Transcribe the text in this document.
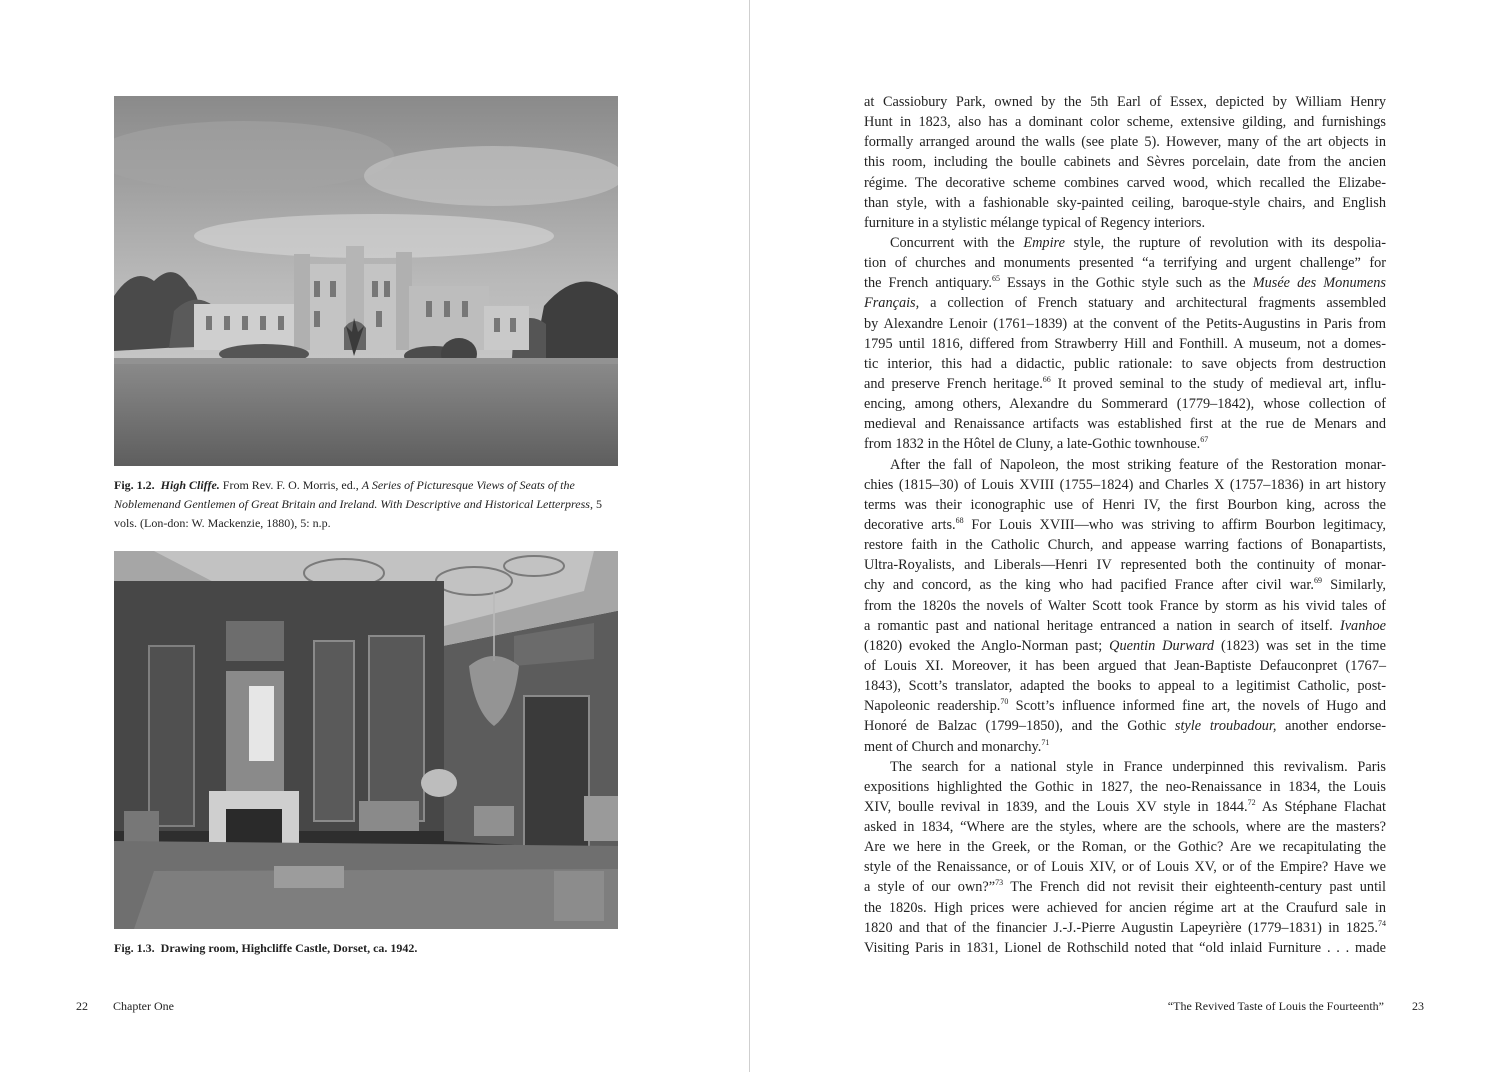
Fig. 1.2. High Cliffe. From Rev. F. O. Morris, ed., A Series of Picturesque Views of Seats of the Noblemenand Gentlemen of Great Britain and Ireland. With Descriptive and Historical Letterpress, 5 vols. (Lon-don: W. Mackenzie, 1880), 5: n.p.
Fig. 1.3. Drawing room, Highcliffe Castle, Dorset, ca. 1942.
22 Chapter One
at Cassiobury Park, owned by the 5th Earl of Essex, depicted by William Henry
Hunt in 1823, also has a dominant color scheme, extensive gilding, and furnishings
formally arranged around the walls (see plate 5). However, many of the art objects in
this room, including the boulle cabinets and Sèvres porcelain, date from the ancien
régime. The decorative scheme combines carved wood, which recalled the Elizabe-
than style, with a fashionable sky-painted ceiling, baroque-style chairs, and English
furniture in a stylistic mélange typical of Regency interiors.
Concurrent with the Empire style, the rupture of revolution with its despolia-
tion of churches and monuments presented “a terrifying and urgent challenge” for
the French antiquary.$^{65}$ Essays in the Gothic style such as the Musée des Monumens
Français, a collection of French statuary and architectural fragments assembled
by Alexandre Lenoir (1761–1839) at the convent of the Petits-Augustins in Paris from
1795 until 1816, differed from Strawberry Hill and Fonthill. A museum, not a domes-
tic interior, this had a didactic, public rationale: to save objects from destruction
and preserve French heritage.$^{66}$ It proved seminal to the study of medieval art, influ-
encing, among others, Alexandre du Sommerard (1779–1842), whose collection of
medieval and Renaissance artifacts was established first at the rue de Menars and
from 1832 in the Hôtel de Cluny, a late-Gothic townhouse.$^{67}$
After the fall of Napoleon, the most striking feature of the Restoration monar-
chies (1815–30) of Louis XVIII (1755–1824) and Charles X (1757–1836) in art history
terms was their iconographic use of Henri IV, the first Bourbon king, across the
decorative arts.$^{68}$ For Louis XVIII—who was striving to affirm Bourbon legitimacy,
restore faith in the Catholic Church, and appease warring factions of Bonapartists,
Ultra-Royalists, and Liberals—Henri IV represented both the continuity of monar-
chy and concord, as the king who had pacified France after civil war.$^{69}$ Similarly,
from the 1820s the novels of Walter Scott took France by storm as his vivid tales of
a romantic past and national heritage entranced a nation in search of itself. Ivanhoe
(1820) evoked the Anglo-Norman past; Quentin Durward (1823) was set in the time
of Louis XI. Moreover, it has been argued that Jean-Baptiste Defauconpret (1767–
1843), Scott’s translator, adapted the books to appeal to a legitimist Catholic, post-
Napoleonic readership.$^{70}$ Scott’s influence informed fine art, the novels of Hugo and
Honoré de Balzac (1799–1850), and the Gothic style troubadour, another endorse-
ment of Church and monarchy.$^{71}$
The search for a national style in France underpinned this revivalism. Paris
expositions highlighted the Gothic in 1827, the neo-Renaissance in 1834, the Louis
XIV, boulle revival in 1839, and the Louis XV style in 1844.72 As Stéphane Flachat
asked in 1834, “Where are the styles, where are the schools, where are the masters?
Are we here in the Greek, or the Roman, or the Gothic? Are we recapitulating the
style of the Renaissance, or of Louis XIV, or of Louis XV, or of the Empire? Have we
a style of our own?”$^{73}$ The French did not revisit their eighteenth-century past until
the 1820s. High prices were achieved for ancien régime art at the Craufurd sale in
1820 and that of the financier J.-J.-Pierre Augustin Lapeyrière (1779–1831) in 1825.74
Visiting Paris in 1831, Lionel de Rothschild noted that “old inlaid Furniture . . . made
“The Revived Taste of Louis the Fourteenth” 23
